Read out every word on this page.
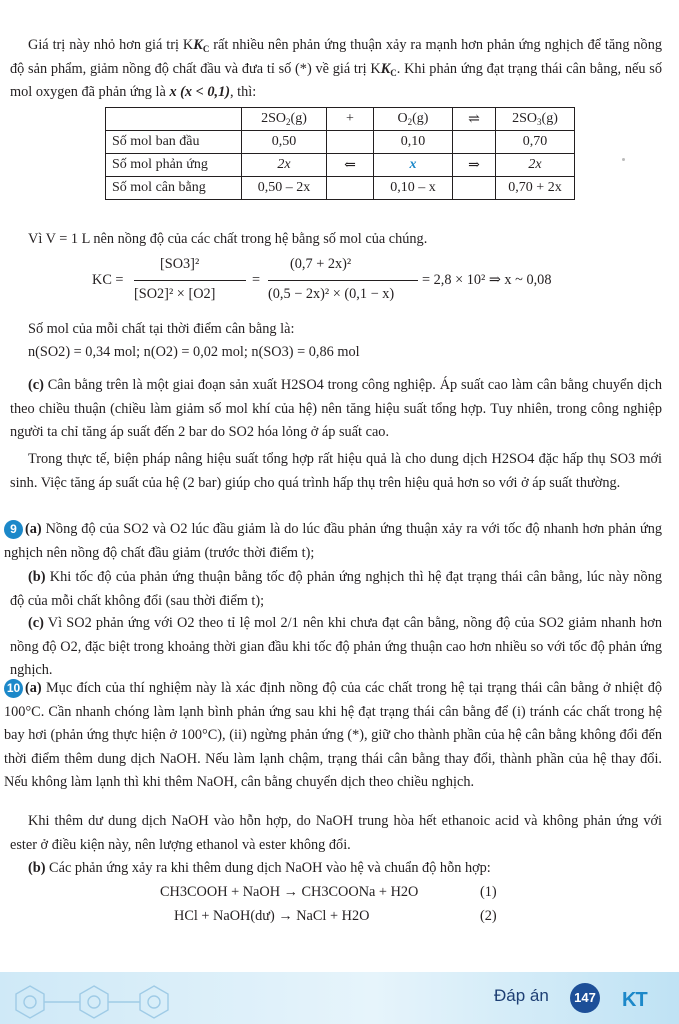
Giá trị này nhỏ hơn giá trị $KK_C$ rất nhiều nên phản ứng thuận xảy ra mạnh hơn phản ứng nghịch để tăng nồng độ sản phẩm, giảm nồng độ chất đầu và đưa tỉ số (*) về giá trị $KK_C$. Khi phản ứng đạt trạng thái cân bằng, nếu số mol oxygen đã phản ứng là x (x < 0,1), thì:
	$2SO_2(g)$	+	$O_2(g)$	⇌	$2SO_3(g)$
Số mol ban đầu	0,50		0,10		0,70
Số mol phản ứng	2x	⇐	x	⇒	2x
Số mol cân bằng	0,50 – 2x		0,10 – x		0,70 + 2x
Vì V = 1 L nên nồng độ của các chất trong hệ bằng số mol của chúng.
KC =
[SO3]²
[SO2]² × [O2]
=
(0,7 + 2x)²
(0,5 − 2x)² × (0,1 − x)
= 2,8 × 10² ⇒ x ~ 0,08
Số mol của mỗi chất tại thời điểm cân bằng là:
n(SO2) = 0,34 mol; n(O2) = 0,02 mol; n(SO3) = 0,86 mol
(c) Cân bằng trên là một giai đoạn sản xuất H2SO4 trong công nghiệp. Áp suất cao làm cân bằng chuyển dịch theo chiều thuận (chiều làm giảm số mol khí của hệ) nên tăng hiệu suất tổng hợp. Tuy nhiên, trong công nghiệp người ta chỉ tăng áp suất đến 2 bar do SO2 hóa lỏng ở áp suất cao.
Trong thực tế, biện pháp nâng hiệu suất tổng hợp rất hiệu quả là cho dung dịch H2SO4 đặc hấp thụ SO3 mới sinh. Việc tăng áp suất của hệ (2 bar) giúp cho quá trình hấp thụ trên hiệu quả hơn so với ở áp suất thường.
9 (a) Nồng độ của SO2 và O2 lúc đầu giảm là do lúc đầu phản ứng thuận xảy ra với tốc độ nhanh hơn phản ứng nghịch nên nồng độ chất đầu giảm (trước thời điểm t);
(b) Khi tốc độ của phản ứng thuận bằng tốc độ phản ứng nghịch thì hệ đạt trạng thái cân bằng, lúc này nồng độ của mỗi chất không đổi (sau thời điểm t);
(c) Vì SO2 phản ứng với O2 theo tỉ lệ mol 2/1 nên khi chưa đạt cân bằng, nồng độ của SO2 giảm nhanh hơn nồng độ O2, đặc biệt trong khoảng thời gian đầu khi tốc độ phản ứng thuận cao hơn nhiều so với tốc độ phản ứng nghịch.
10 (a) Mục đích của thí nghiệm này là xác định nồng độ của các chất trong hệ tại trạng thái cân bằng ở nhiệt độ 100°C. Cần nhanh chóng làm lạnh bình phản ứng sau khi hệ đạt trạng thái cân bằng để (i) tránh các chất trong hệ bay hơi (phản ứng thực hiện ở 100°C), (ii) ngừng phản ứng (*), giữ cho thành phần của hệ cân bằng không đổi đến thời điểm thêm dung dịch NaOH. Nếu làm lạnh chậm, trạng thái cân bằng thay đổi, thành phần của hệ thay đổi. Nếu không làm lạnh thì khi thêm NaOH, cân bằng chuyển dịch theo chiều nghịch.
Khi thêm dư dung dịch NaOH vào hỗn hợp, do NaOH trung hòa hết ethanoic acid và không phản ứng với ester ở điều kiện này, nên lượng ethanol và ester không đổi.
(b) Các phản ứng xảy ra khi thêm dung dịch NaOH vào hệ và chuẩn độ hỗn hợp:
CH3COOH + NaOH → CH3COONa + H2O	(1)
HCl + NaOH(dư) → NaCl + H2O	(2)
Đáp án	147 KT
